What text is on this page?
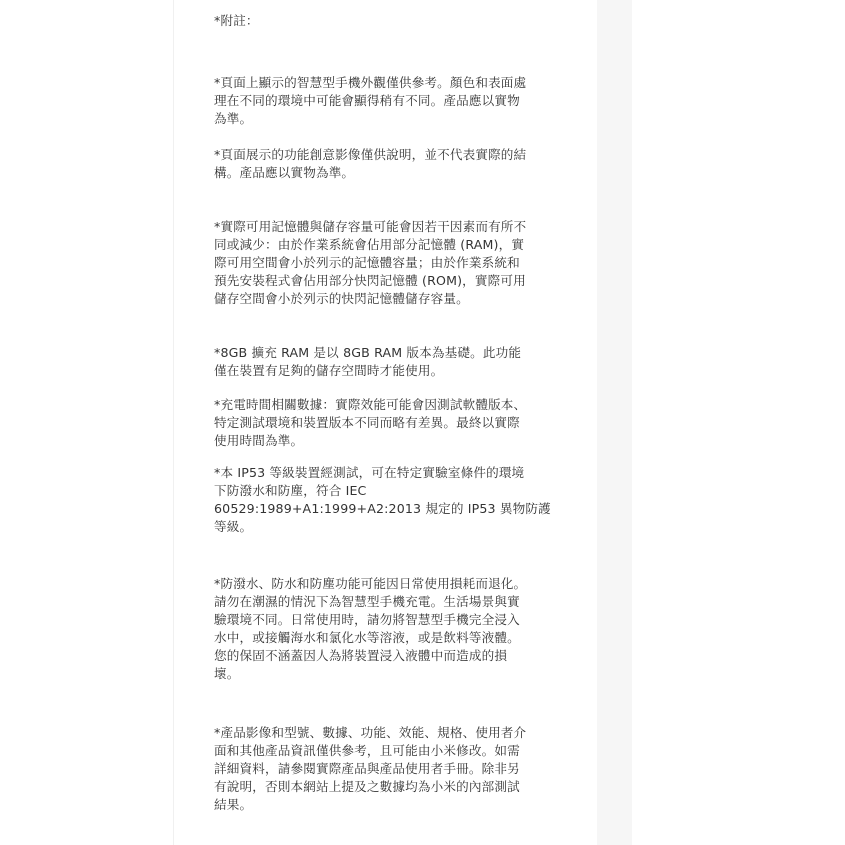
*附註：

*頁面上顯示的智慧型手機外觀僅供參考。顏色和表面處
理在不同的環境中可能會顯得稍有不同。產品應以實物
為準。

*頁面展示的功能創意影像僅供說明，並不代表實際的結
構。產品應以實物為準。

*實際可用記憶體與儲存容量可能會因若干因素而有所不
同或減少：由於作業系統會佔用部分記憶體 (RAM)，實
際可用空間會小於列示的記憶體容量；由於作業系統和
預先安裝程式會佔用部分快閃記憶體 (ROM)，實際可用
儲存空間會小於列示的快閃記憶體儲存容量。

*8GB 擴充 RAM 是以 8GB RAM 版本為基礎。此功能
僅在裝置有足夠的儲存空間時才能使用。

*充電時間相關數據：實際效能可能會因測試軟體版本、
特定測試環境和裝置版本不同而略有差異。最終以實際
使用時間為準。

*本 IP53 等級裝置經測試，可在特定實驗室條件的環境
下防潑水和防塵，符合 IEC
60529:1989+A1:1999+A2:2013 規定的 IP53 異物防護
等級。

*防潑水、防水和防塵功能可能因日常使用損耗而退化。
請勿在潮濕的情況下為智慧型手機充電。生活場景與實
驗環境不同。日常使用時，請勿將智慧型手機完全浸入
水中，或接觸海水和氯化水等溶液，或是飲料等液體。
您的保固不涵蓋因人為將裝置浸入液體中而造成的損
壞。

*產品影像和型號、數據、功能、效能、規格、使用者介
面和其他產品資訊僅供參考，且可能由小米修改。如需
詳細資料，請參閱實際產品與產品使用者手冊。除非另
有說明，否則本網站上提及之數據均為小米的內部測試
結果。
